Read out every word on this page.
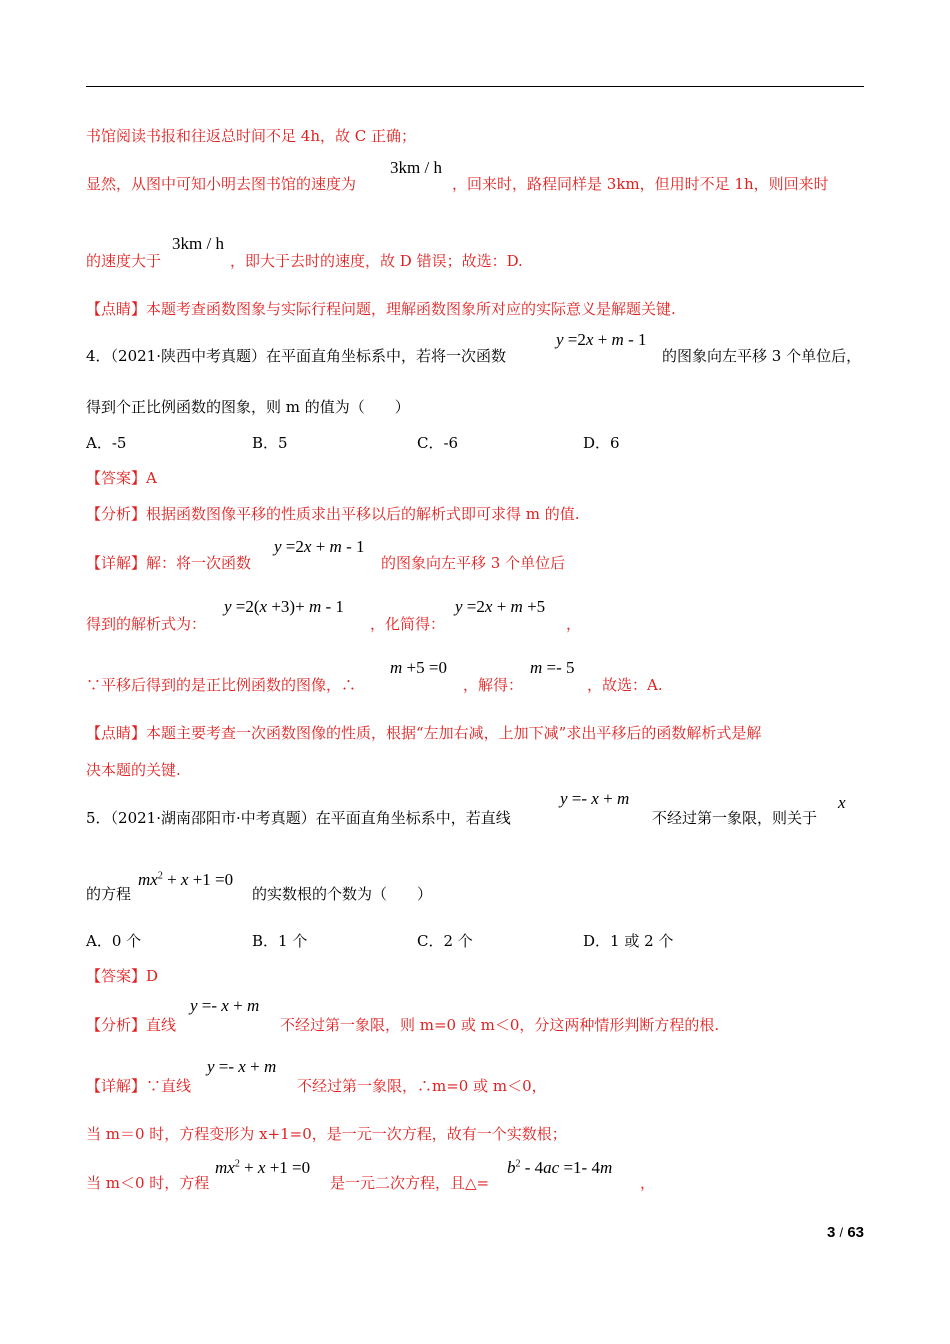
书馆阅读书报和往返总时间不足 4h，故 C 正确；
显然，从图中可知小明去图书馆的速度为
3km / h
，回来时，路程同样是 3km，但用时不足 1h，则回来时
的速度大于
3km / h
，即大于去时的速度，故 D 错误；故选：D.
【点睛】本题考查函数图象与实际行程问题，理解函数图象所对应的实际意义是解题关键.
4．（2021·陕西中考真题）在平面直角坐标系中，若将一次函数
y =2x + m - 1
的图象向左平移 3 个单位后，
得到个正比例函数的图象，则 m 的值为（　　）
A．-5	B．5	C．-6	D．6
【答案】A
【分析】根据函数图像平移的性质求出平移以后的解析式即可求得 m 的值.
【详解】解：将一次函数
y =2x + m - 1
的图象向左平移 3 个单位后
得到的解析式为：
y =2(x +3)+ m - 1
，化简得：
y =2x + m +5
，
∵平移后得到的是正比例函数的图像，∴
m +5 =0
，解得：
m =- 5
，故选：A.
【点睛】本题主要考查一次函数图像的性质，根据“左加右减，上加下减”求出平移后的函数解析式是解
决本题的关键.
5．（2021·湖南邵阳市·中考真题）在平面直角坐标系中，若直线
y =- x + m
不经过第一象限，则关于
x
的方程
$mx^2 + x +1 =0$
的实数根的个数为（　　）
A．0 个	B．1 个	C．2 个	D．1 或 2 个
【答案】D
【分析】直线
y =- x + m
不经过第一象限，则 m=0 或 m＜0，分这两种情形判断方程的根.
【详解】∵直线
y =- x + m
不经过第一象限，∴m=0 或 m＜0，
当 m＝0 时，方程变形为 x+1=0，是一元一次方程，故有一个实数根；
当 m＜0 时，方程
$mx^2 + x +1 =0$
是一元二次方程，且△=
$b^2 - 4ac =1-$ 4m
，
3 / 63
